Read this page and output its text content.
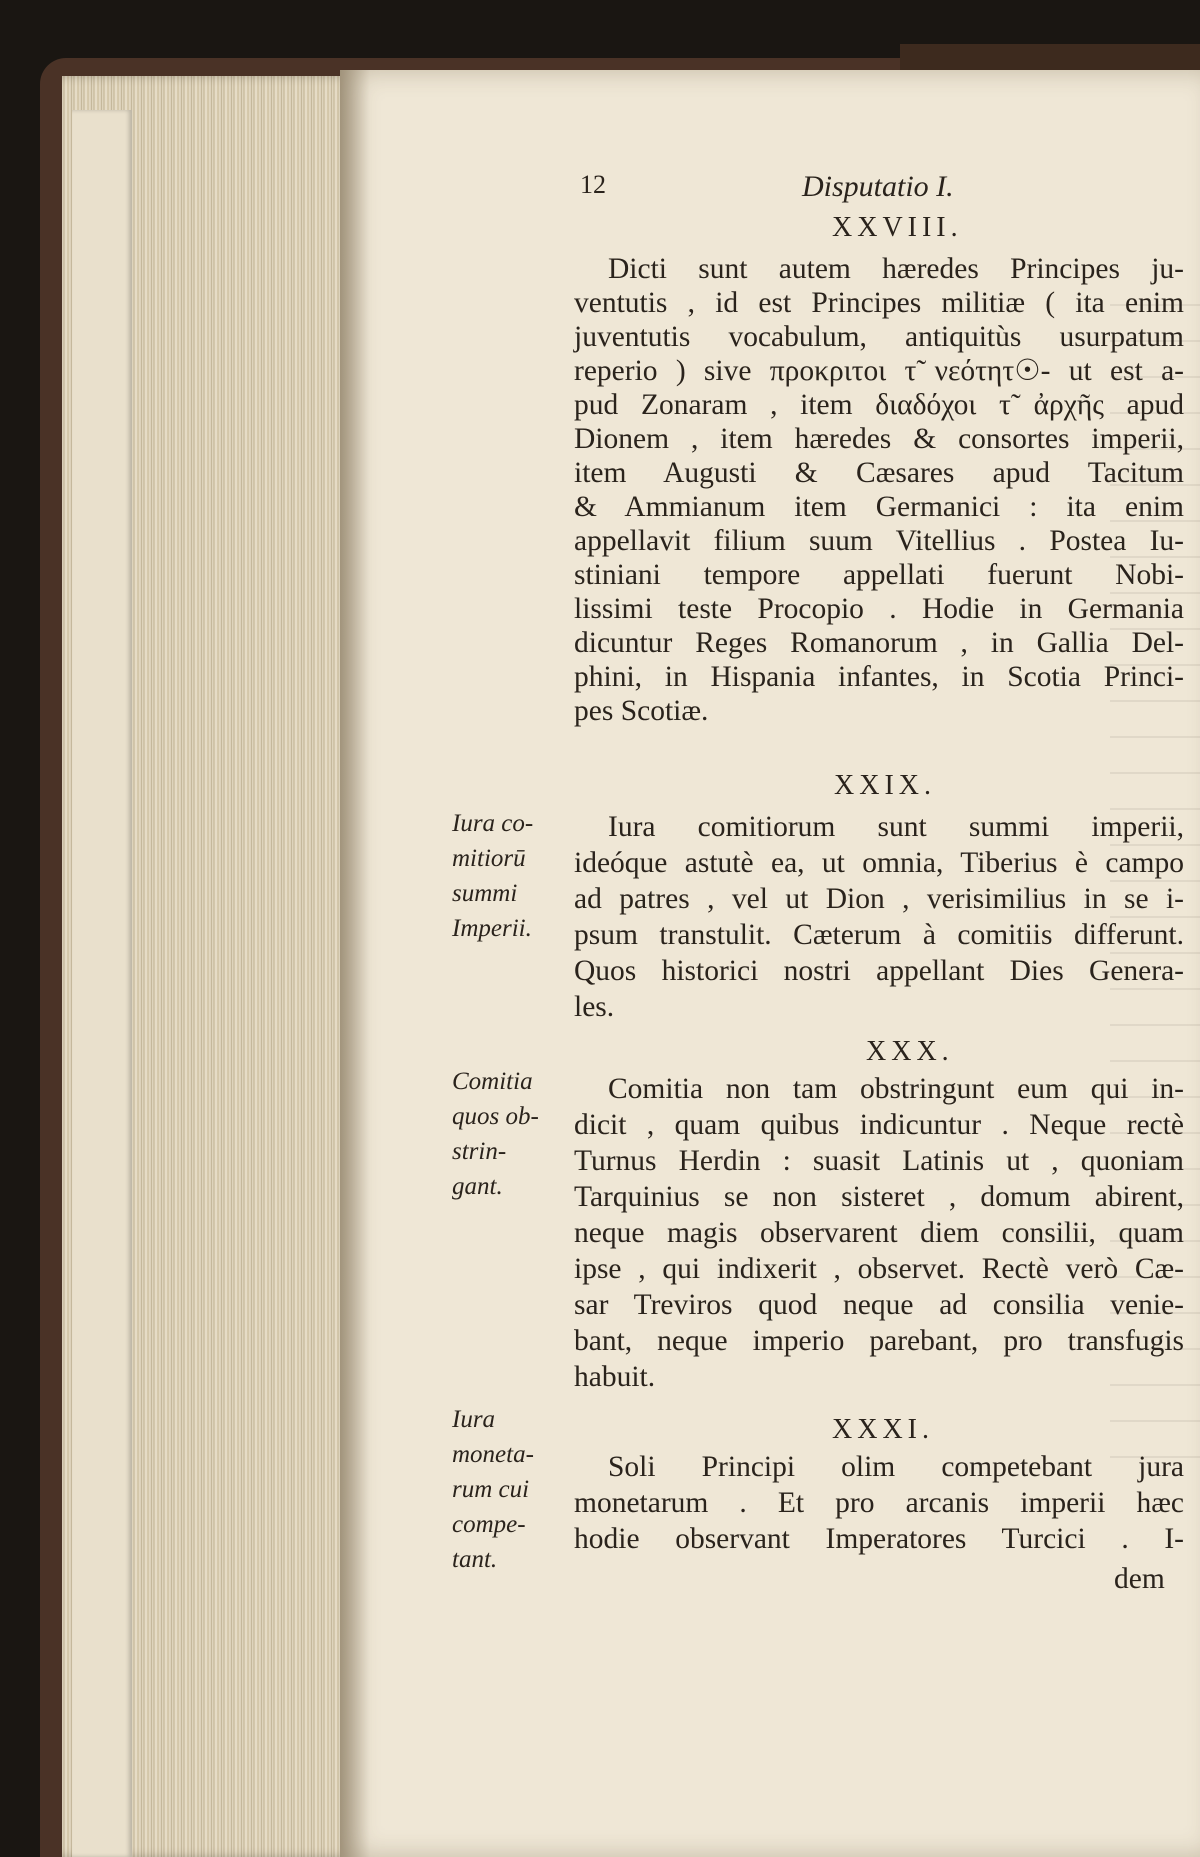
12	Disputatio I.
XXVIII.
Dicti sunt autem hæredes Principes ju-
ventutis , id est Principes militiæ ( ita enim
juventutis vocabulum, antiquitùs usurpatum
reperio ) sive προκριτοι τ̃ νεότητ☉- ut est a-
pud Zonaram , item διαδόχοι τ̃ ἀρχῆς apud
Dionem , item hæredes & consortes imperii,
item Augusti & Cæsares apud Tacitum
& Ammianum item Germanici : ita enim
appellavit filium suum Vitellius . Postea Iu-
stiniani tempore appellati fuerunt Nobi-
lissimi teste Procopio . Hodie in Germania
dicuntur Reges Romanorum , in Gallia Del-
phini, in Hispania infantes, in Scotia Princi-
pes Scotiæ.
XXIX.
Iura comitiorum sunt summi imperii,
ideóque astutè ea, ut omnia, Tiberius è campo
ad patres , vel ut Dion , verisimilius in se i-
psum transtulit. Cæterum à comitiis differunt.
Quos historici nostri appellant Dies Genera-
les.
XXX.
Comitia non tam obstringunt eum qui in-
dicit , quam quibus indicuntur . Neque rectè
Turnus Herdin : suasit Latinis ut , quoniam
Tarquinius se non sisteret , domum abirent,
neque magis observarent diem consilii, quam
ipse , qui indixerit , observet. Rectè verò Cæ-
sar Treviros quod neque ad consilia venie-
bant, neque imperio parebant, pro transfugis
habuit.
XXXI.
Soli Principi olim competebant jura
monetarum . Et pro arcanis imperii hæc
hodie observant Imperatores Turcici . I-
dem
Iura co-
mitiorū
summi
Imperii.
Comitia
quos ob-
strin-
gant.
Iura
moneta-
rum cui
compe-
tant.
